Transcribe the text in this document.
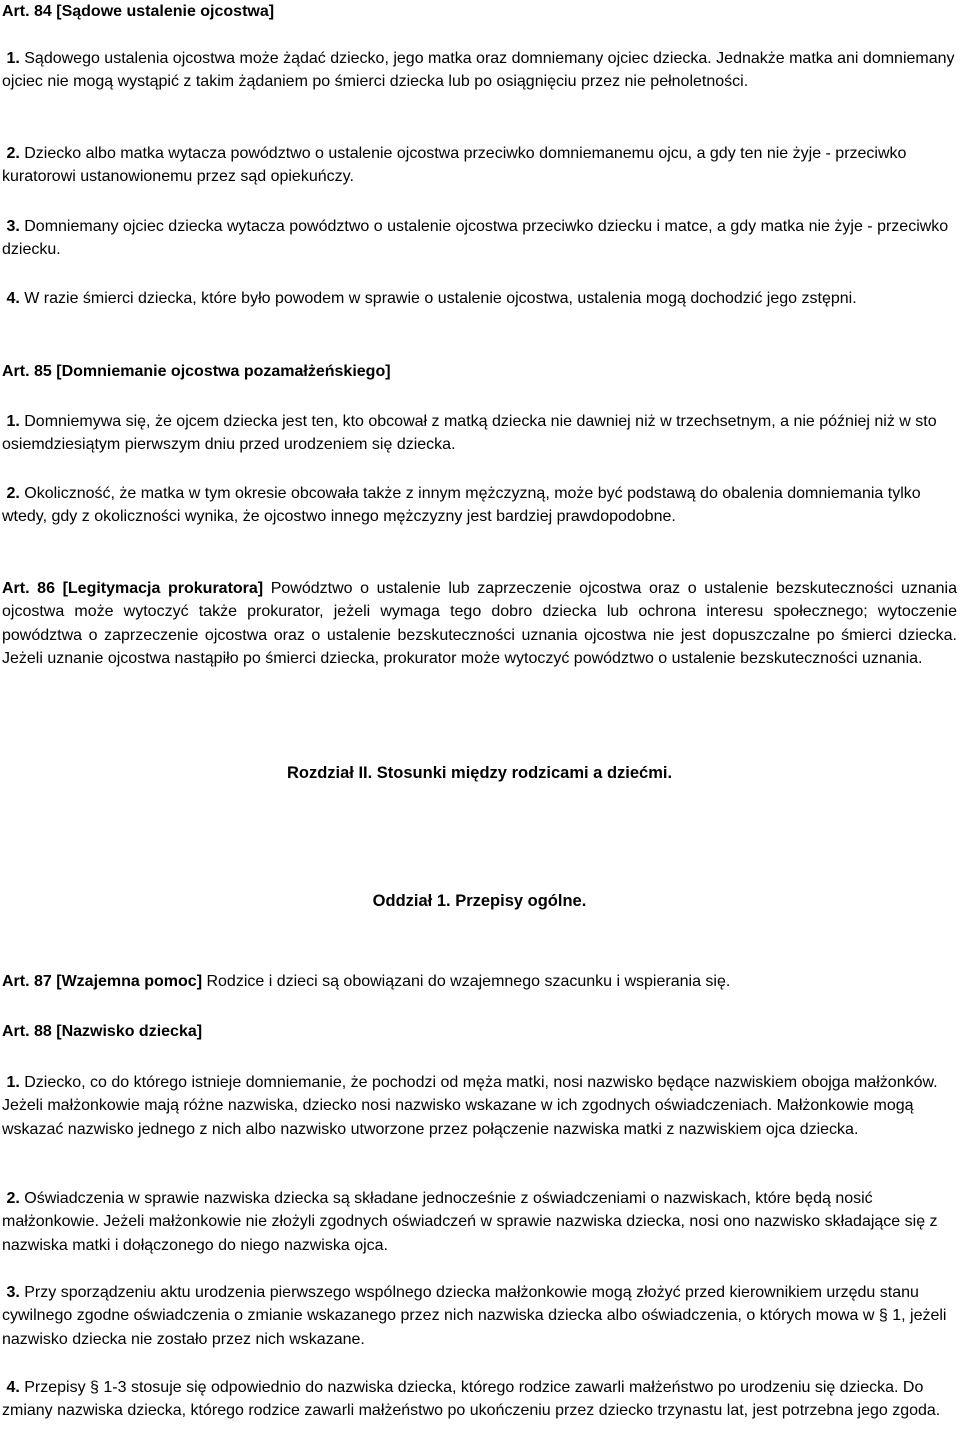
Art. 84 [Sądowe ustalenie ojcostwa]

1. Sądowego ustalenia ojcostwa może żądać dziecko, jego matka oraz domniemany ojciec dziecka. Jednakże matka ani domniemany ojciec nie mogą wystąpić z takim żądaniem po śmierci dziecka lub po osiągnięciu przez nie pełnoletności.

2. Dziecko albo matka wytacza powództwo o ustalenie ojcostwa przeciwko domniemanemu ojcu, a gdy ten nie żyje - przeciwko kuratorowi ustanowionemu przez sąd opiekuńczy.

3. Domniemany ojciec dziecka wytacza powództwo o ustalenie ojcostwa przeciwko dziecku i matce, a gdy matka nie żyje - przeciwko dziecku.

4. W razie śmierci dziecka, które było powodem w sprawie o ustalenie ojcostwa, ustalenia mogą dochodzić jego zstępni.

Art. 85 [Domniemanie ojcostwa pozamałżeńskiego]

1. Domniemywa się, że ojcem dziecka jest ten, kto obcował z matką dziecka nie dawniej niż w trzechsetnym, a nie później niż w sto osiemdziesiątym pierwszym dniu przed urodzeniem się dziecka.

2. Okoliczność, że matka w tym okresie obcowała także z innym mężczyzną, może być podstawą do obalenia domniemania tylko wtedy, gdy z okoliczności wynika, że ojcostwo innego mężczyzny jest bardziej prawdopodobne.

Art. 86 [Legitymacja prokuratora] Powództwo o ustalenie lub zaprzeczenie ojcostwa oraz o ustalenie bezskuteczności uznania ojcostwa może wytoczyć także prokurator, jeżeli wymaga tego dobro dziecka lub ochrona interesu społecznego; wytoczenie powództwa o zaprzeczenie ojcostwa oraz o ustalenie bezskuteczności uznania ojcostwa nie jest dopuszczalne po śmierci dziecka. Jeżeli uznanie ojcostwa nastąpiło po śmierci dziecka, prokurator może wytoczyć powództwo o ustalenie bezskuteczności uznania.

Rozdział II. Stosunki między rodzicami a dziećmi.

Oddział 1. Przepisy ogólne.

Art. 87 [Wzajemna pomoc] Rodzice i dzieci są obowiązani do wzajemnego szacunku i wspierania się.

Art. 88 [Nazwisko dziecka]

1. Dziecko, co do którego istnieje domniemanie, że pochodzi od męża matki, nosi nazwisko będące nazwiskiem obojga małżonków. Jeżeli małżonkowie mają różne nazwiska, dziecko nosi nazwisko wskazane w ich zgodnych oświadczeniach. Małżonkowie mogą wskazać nazwisko jednego z nich albo nazwisko utworzone przez połączenie nazwiska matki z nazwiskiem ojca dziecka.

2. Oświadczenia w sprawie nazwiska dziecka są składane jednocześnie z oświadczeniami o nazwiskach, które będą nosić małżonkowie. Jeżeli małżonkowie nie złożyli zgodnych oświadczeń w sprawie nazwiska dziecka, nosi ono nazwisko składające się z nazwiska matki i dołączonego do niego nazwiska ojca.

3. Przy sporządzeniu aktu urodzenia pierwszego wspólnego dziecka małżonkowie mogą złożyć przed kierownikiem urzędu stanu cywilnego zgodne oświadczenia o zmianie wskazanego przez nich nazwiska dziecka albo oświadczenia, o których mowa w § 1, jeżeli nazwisko dziecka nie zostało przez nich wskazane.

4. Przepisy § 1-3 stosuje się odpowiednio do nazwiska dziecka, którego rodzice zawarli małżeństwo po urodzeniu się dziecka. Do zmiany nazwiska dziecka, którego rodzice zawarli małżeństwo po ukończeniu przez dziecko trzynastu lat, jest potrzebna jego zgoda.
